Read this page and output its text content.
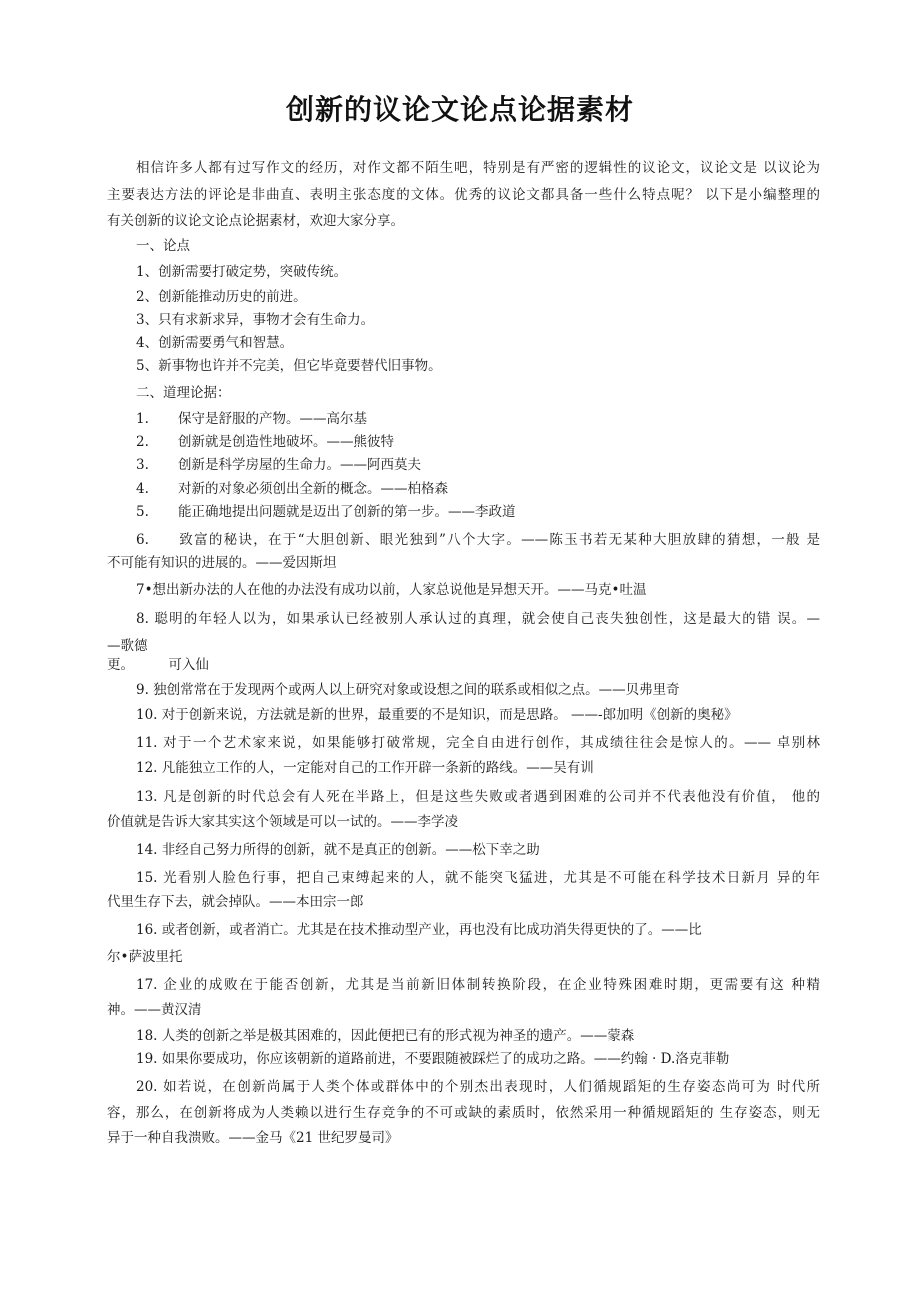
创新的议论文论点论据素材
相信许多人都有过写作文的经历，对作文都不陌生吧，特别是有严密的逻辑性的议论文，议论文是 以议论为
主要表达方法的评论是非曲直、表明主张态度的文体。优秀的议论文都具备一些什么特点呢？ 以下是小编整理的
有关创新的议论文论点论据素材，欢迎大家分享。
一、论点
1、创新需要打破定势，突破传统。
2、创新能推动历史的前进。
3、只有求新求异，事物才会有生命力。
4、创新需要勇气和智慧。
5、新事物也许并不完美，但它毕竟要替代旧事物。
二、道理论据：
1. 保守是舒服的产物。——高尔基
2. 创新就是创造性地破坏。——熊彼特
3. 创新是科学房屋的生命力。——阿西莫夫
4. 对新的对象必须创出全新的概念。——柏格森
5. 能正确地提出问题就是迈出了创新的第一步。——李政道
6. 致富的秘诀，在于“大胆创新、眼光独到”八个大字。——陈玉书若无某种大胆放肆的猜想，一般 是
不可能有知识的进展的。——爱因斯坦
7•想出新办法的人在他的办法没有成功以前，人家总说他是异想天开。——马克•吐温
8. 聪明的年轻人以为，如果承认已经被别人承认过的真理，就会使自己丧失独创性，这是最大的错 误。—
—歌德
更。        可入仙
9. 独创常常在于发现两个或两人以上研究对象或设想之间的联系或相似之点。——贝弗里奇
10. 对于创新来说，方法就是新的世界，最重要的不是知识，而是思路。 ——-郎加明《创新的奥秘》
11. 对于一个艺术家来说，如果能够打破常规，完全自由进行创作，其成绩往往会是惊人的。—— 卓别林
12. 凡能独立工作的人，一定能对自己的工作开辟一条新的路线。——吴有训
13. 凡是创新的时代总会有人死在半路上，但是这些失败或者遇到困难的公司并不代表他没有价值， 他的
价值就是告诉大家其实这个领域是可以一试的。——李学凌
14. 非经自己努力所得的创新，就不是真正的创新。——松下幸之助
15. 光看别人脸色行事，把自己束缚起来的人，就不能突飞猛进，尤其是不可能在科学技术日新月 异的年
代里生存下去，就会掉队。——本田宗一郎
16. 或者创新，或者消亡。尤其是在技术推动型产业，再也没有比成功消失得更快的了。——比
尔•萨波里托
17. 企业的成败在于能否创新，尤其是当前新旧体制转换阶段，在企业特殊困难时期，更需要有这 种精
神。——黄汉清
18. 人类的创新之举是极其困难的，因此便把已有的形式视为神圣的遗产。——蒙森
19. 如果你要成功，你应该朝新的道路前进，不要跟随被踩烂了的成功之路。——约翰 · D.洛克菲勒
20. 如若说，在创新尚属于人类个体或群体中的个别杰出表现时，人们循规蹈矩的生存姿态尚可为 时代所
容，那么，在创新将成为人类赖以进行生存竞争的不可或缺的素质时，依然采用一种循规蹈矩的 生存姿态，则无
异于一种自我溃败。——金马《21 世纪罗曼司》
